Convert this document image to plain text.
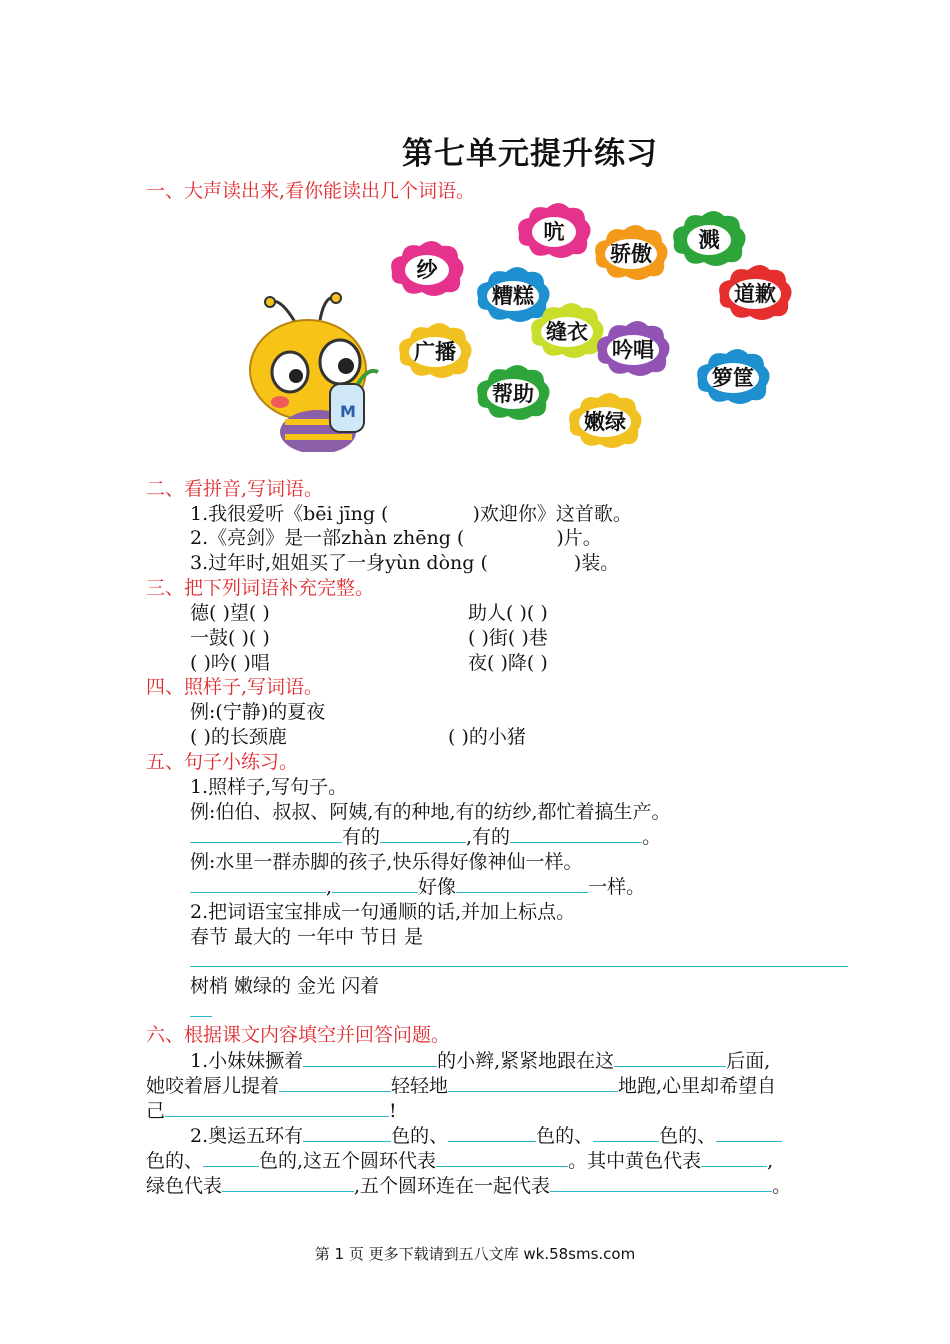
第七单元提升练习
一、大声读出来,看你能读出几个词语。
M
吭
骄傲
溅
纱
糟糕	道歉
缝衣
广播	吟唱
帮助
箩筐
嫩绿
二、看拼音,写词语。
1.我很爱听《bēi jīng (	)欢迎你》这首歌。
2.《亮剑》是一部zhàn zhēng (	)片。
3.过年时,姐姐买了一身yùn dòng (	)装。
三、把下列词语补充完整。
德( )望( )	助人( )( )
一鼓( )( )	( )街( )巷
( )吟( )唱	夜( )降( )
四、照样子,写词语。
例:(宁静)的夏夜
( )的长颈鹿	( )的小猪
五、句子小练习。
1.照样子,写句子。
例:伯伯、叔叔、阿姨,有的种地,有的纺纱,都忙着搞生产。
有的	,有的	。
例:水里一群赤脚的孩子,快乐得好像神仙一样。
,	好像	一样。
2.把词语宝宝排成一句通顺的话,并加上标点。
春节 最大的 一年中 节日 是
树梢 嫩绿的 金光 闪着
六、根据课文内容填空并回答问题。
1.小妹妹撅着	的小辫,紧紧地跟在这	后面,
她咬着唇儿提着	轻轻地	地跑,心里却希望自
己	!
2.奥运五环有	色的、	色的、	色的、
色的、	色的,这五个圆环代表	。其中黄色代表	,
绿色代表	,五个圆环连在一起代表	。
第 1 页 更多下载请到五八文库 wk.58sms.com
